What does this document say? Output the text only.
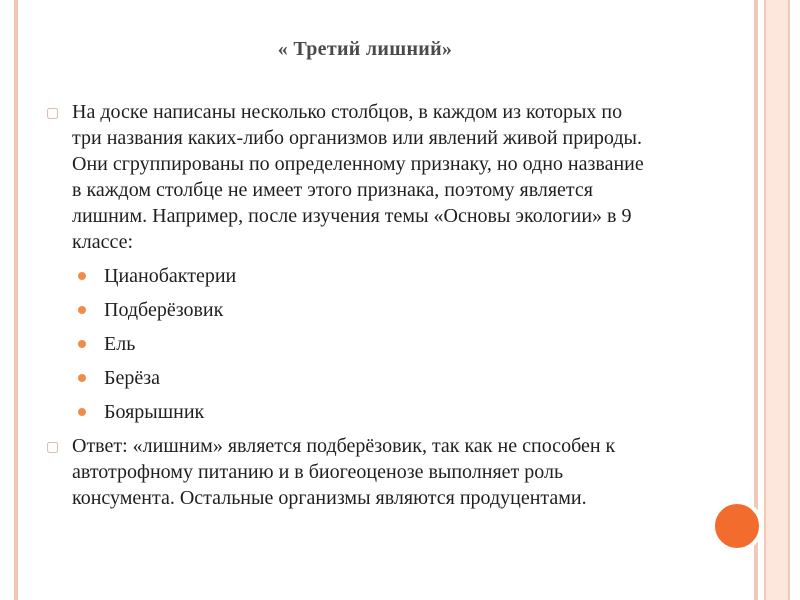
« Третий лишний»
▢ На доске написаны несколько столбцов, в каждом из которых по три названия каких-либо организмов или явлений живой природы. Они сгруппированы по определенному признаку, но одно название в каждом столбце не имеет этого признака, поэтому является лишним. Например, после изучения темы «Основы экологии» в 9 классе:
Цианобактерии
Подберёзовик
Ель
Берёза
Боярышник
▢ Ответ: «лишним» является подберёзовик, так как не способен к автотрофному питанию и в биогеоценозе выполняет роль консумента. Остальные организмы являются продуцентами.
